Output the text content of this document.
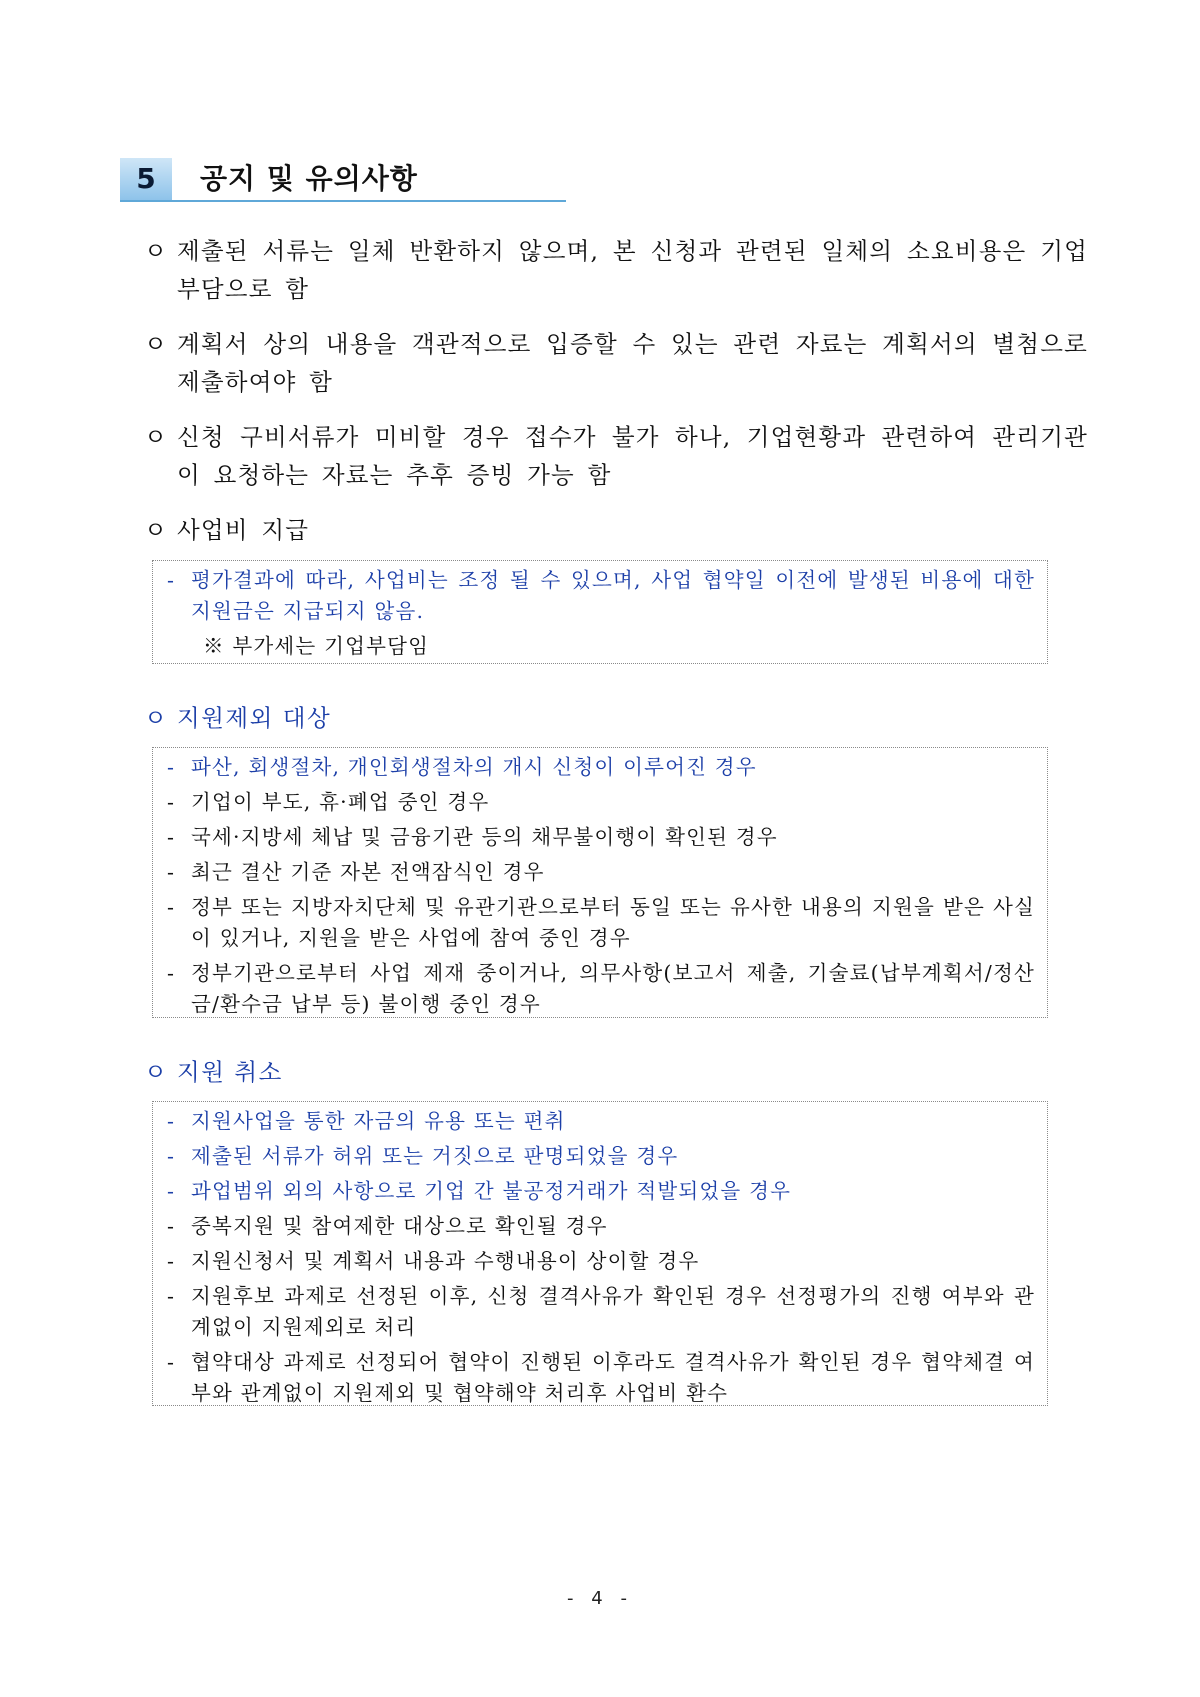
5	공지 및 유의사항
ㅇ 제출된 서류는 일체 반환하지 않으며, 본 신청과 관련된 일체의 소요비용은 기업부담으로 함
ㅇ 계획서 상의 내용을 객관적으로 입증할 수 있는 관련 자료는 계획서의 별첨으로 제출하여야 함
ㅇ 신청 구비서류가 미비할 경우 접수가 불가 하나, 기업현황과 관련하여 관리기관이 요청하는 자료는 추후 증빙 가능 함
ㅇ 사업비 지급
- 평가결과에 따라, 사업비는 조정 될 수 있으며, 사업 협약일 이전에 발생된 비용에 대한 지원금은 지급되지 않음.
※ 부가세는 기업부담임
ㅇ 지원제외 대상
- 파산, 회생절차, 개인회생절차의 개시 신청이 이루어진 경우
- 기업이 부도, 휴·폐업 중인 경우
- 국세·지방세 체납 및 금융기관 등의 채무불이행이 확인된 경우
- 최근 결산 기준 자본 전액잠식인 경우
- 정부 또는 지방자치단체 및 유관기관으로부터 동일 또는 유사한 내용의 지원을 받은 사실이 있거나, 지원을 받은 사업에 참여 중인 경우
- 정부기관으로부터 사업 제재 중이거나, 의무사항(보고서 제출, 기술료(납부계획서/정산금/환수금 납부 등) 불이행 중인 경우
ㅇ 지원 취소
- 지원사업을 통한 자금의 유용 또는 편취
- 제출된 서류가 허위 또는 거짓으로 판명되었을 경우
- 과업범위 외의 사항으로 기업 간 불공정거래가 적발되었을 경우
- 중복지원 및 참여제한 대상으로 확인될 경우
- 지원신청서 및 계획서 내용과 수행내용이 상이할 경우
- 지원후보 과제로 선정된 이후, 신청 결격사유가 확인된 경우 선정평가의 진행 여부와 관계없이 지원제외로 처리
- 협약대상 과제로 선정되어 협약이 진행된 이후라도 결격사유가 확인된 경우 협약체결 여부와 관계없이 지원제외 및 협약해약 처리후 사업비 환수
- 4 -
